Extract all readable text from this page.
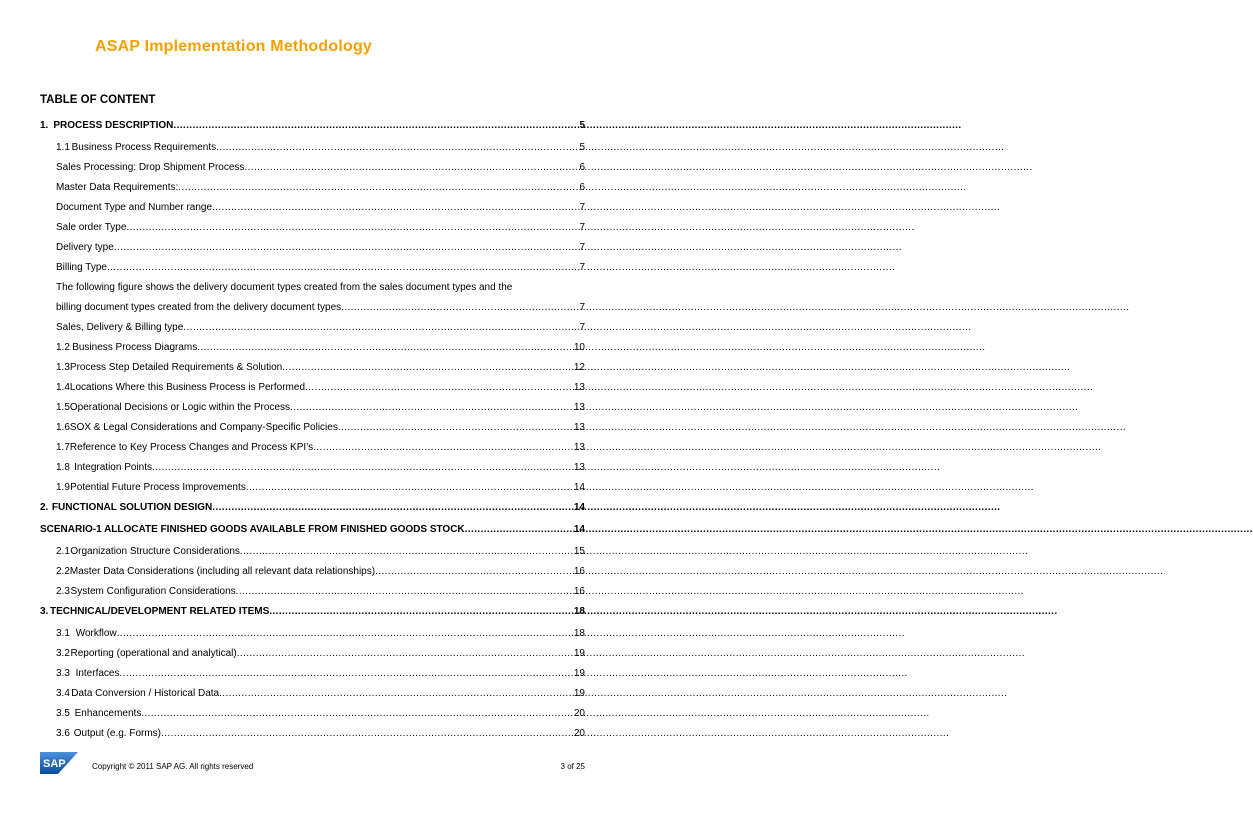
ASAP Implementation Methodology
TABLE OF CONTENT
1. PROCESS DESCRIPTION .....	5
1.1 Business Process Requirements .....	5
Sales Processing: Drop Shipment Process .....	6
Master Data Requirements: .....	6
Document Type and Number range .....	7
Sale order Type .....	7
Delivery type .....	7
Billing Type .....	7
The following figure shows the delivery document types created from the sales document types and the
billing document types created from the delivery document types .....	7
Sales, Delivery & Billing type .....	7
1.2 Business Process Diagrams .....	10
1.3 Process Step Detailed Requirements & Solution .....	12
1.4 Locations Where this Business Process is Performed .....	13
1.5 Operational Decisions or Logic within the Process .....	13
1.6 SOX & Legal Considerations and Company-Specific Policies .....	13
1.7 Reference to Key Process Changes and Process KPI’s .....	13
1.8 Integration Points .....	13
1.9 Potential Future Process Improvements .....	14
2. FUNCTIONAL SOLUTION DESIGN .....	14
SCENARIO-1 ALLOCATE FINISHED GOODS AVAILABLE FROM FINISHED GOODS STOCK .....	14
2.1 Organization Structure Considerations .....	15
2.2 Master Data Considerations (including all relevant data relationships) .....	16
2.3 System Configuration Considerations .....	16
3. TECHNICAL/DEVELOPMENT RELATED ITEMS .....	18
3.1 Workflow .....	18
3.2 Reporting (operational and analytical) .....	19
3.3 Interfaces .....	19
3.4 Data Conversion / Historical Data .....	19
3.5 Enhancements .....	20
3.6 Output (e.g. Forms) .....	20
SAP	Copyright © 2011 SAP AG. All rights reserved	3 of 25
